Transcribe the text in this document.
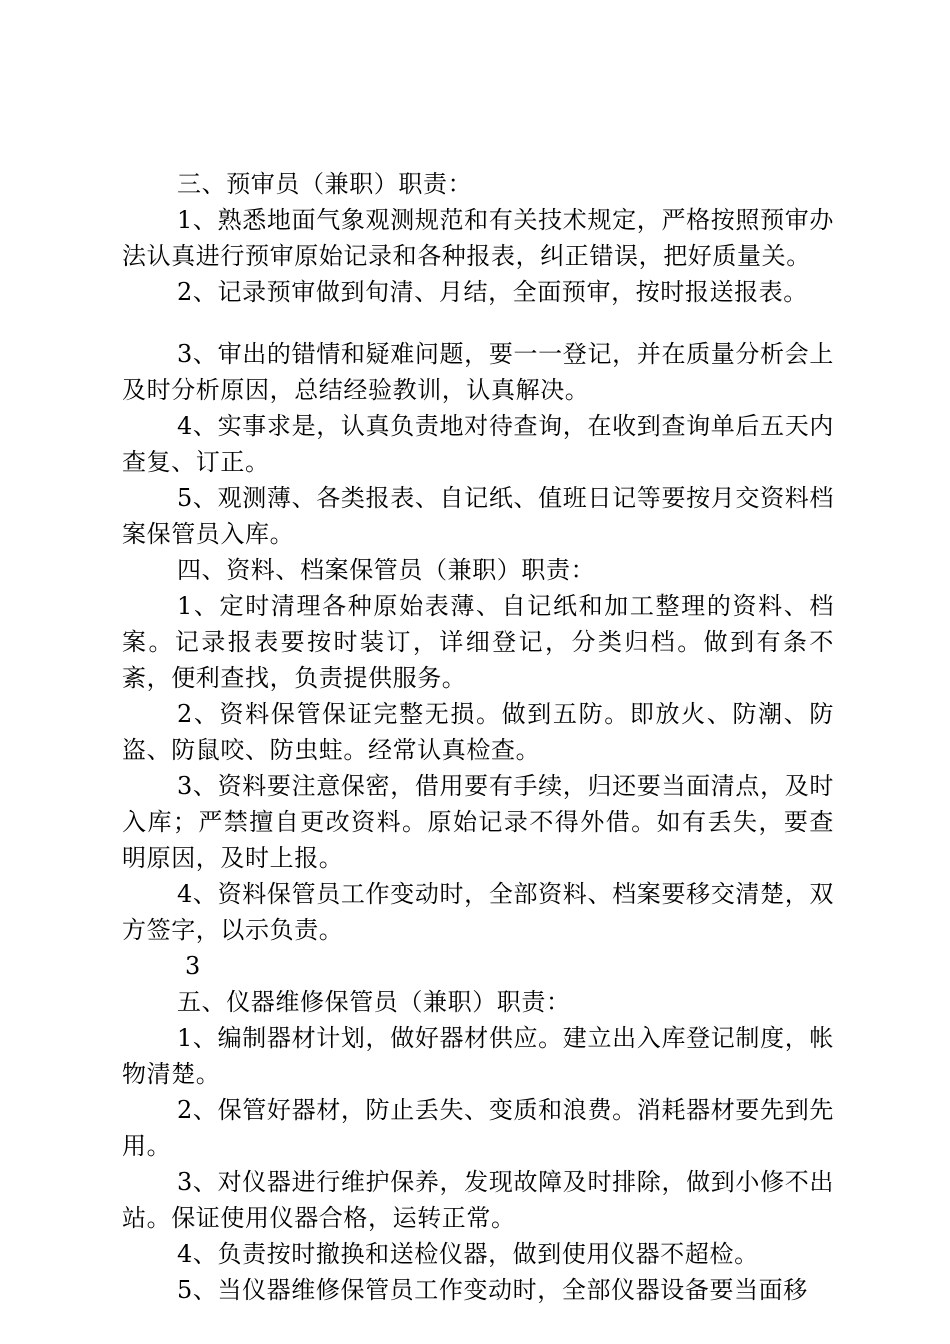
三、预审员（兼职）职责：

1、熟悉地面气象观测规范和有关技术规定，严格按照预审办法认真进行预审原始记录和各种报表，纠正错误，把好质量关。

2、记录预审做到旬清、月结，全面预审，按时报送报表。

3、审出的错情和疑难问题，要一一登记，并在质量分析会上及时分析原因，总结经验教训，认真解决。

4、实事求是，认真负责地对待查询，在收到查询单后五天内查复、订正。

5、观测薄、各类报表、自记纸、值班日记等要按月交资料档案保管员入库。

四、资料、档案保管员（兼职）职责：

1、定时清理各种原始表薄、自记纸和加工整理的资料、档案。记录报表要按时装订，详细登记，分类归档。做到有条不紊，便利查找，负责提供服务。

2、资料保管保证完整无损。做到五防。即放火、防潮、防盗、防鼠咬、防虫蛀。经常认真检查。

3、资料要注意保密，借用要有手续，归还要当面清点，及时入库；严禁擅自更改资料。原始记录不得外借。如有丢失，要查明原因，及时上报。

4、资料保管员工作变动时，全部资料、档案要移交清楚，双方签字，以示负责。

3

五、仪器维修保管员（兼职）职责：

1、编制器材计划，做好器材供应。建立出入库登记制度，帐物清楚。

2、保管好器材，防止丢失、变质和浪费。消耗器材要先到先用。

3、对仪器进行维护保养，发现故障及时排除，做到小修不出站。保证使用仪器合格，运转正常。

4、负责按时撤换和送检仪器，做到使用仪器不超检。

5、当仪器维修保管员工作变动时，全部仪器设备要当面移
